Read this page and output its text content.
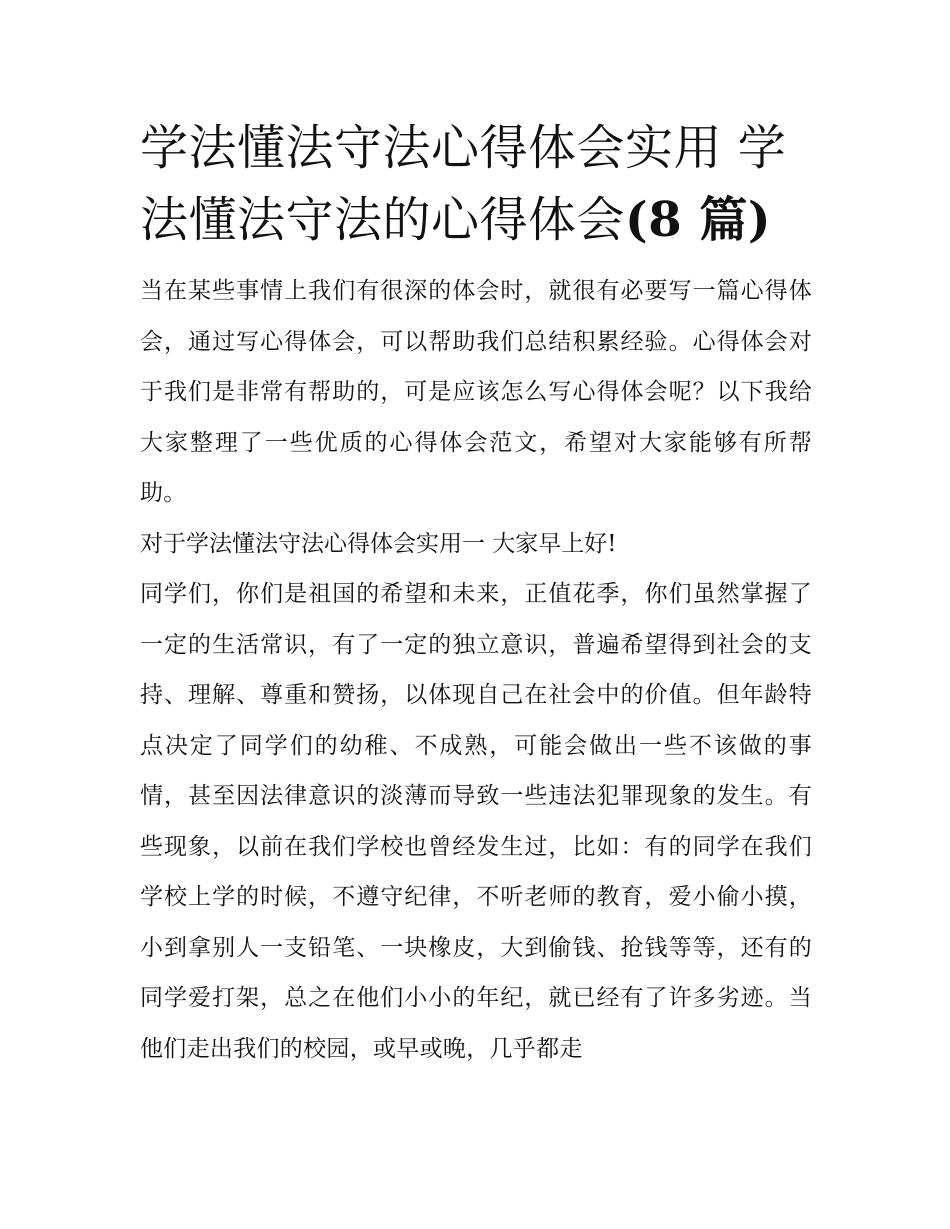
学法懂法守法心得体会实用 学法懂法守法的心得体会(8 篇)

当在某些事情上我们有很深的体会时，就很有必要写一篇心得体会，通过写心得体会，可以帮助我们总结积累经验。心得体会对于我们是非常有帮助的，可是应该怎么写心得体会呢？以下我给大家整理了一些优质的心得体会范文，希望对大家能够有所帮助。

对于学法懂法守法心得体会实用一 大家早上好!

同学们，你们是祖国的希望和未来，正值花季，你们虽然掌握了一定的生活常识，有了一定的独立意识，普遍希望得到社会的支持、理解、尊重和赞扬，以体现自己在社会中的价值。但年龄特点决定了同学们的幼稚、不成熟，可能会做出一些不该做的事情，甚至因法律意识的淡薄而导致一些违法犯罪现象的发生。有些现象，以前在我们学校也曾经发生过，比如：有的同学在我们学校上学的时候，不遵守纪律，不听老师的教育，爱小偷小摸，小到拿别人一支铅笔、一块橡皮，大到偷钱、抢钱等等，还有的同学爱打架，总之在他们小小的年纪，就已经有了许多劣迹。当他们走出我们的校园，或早或晚，几乎都走
